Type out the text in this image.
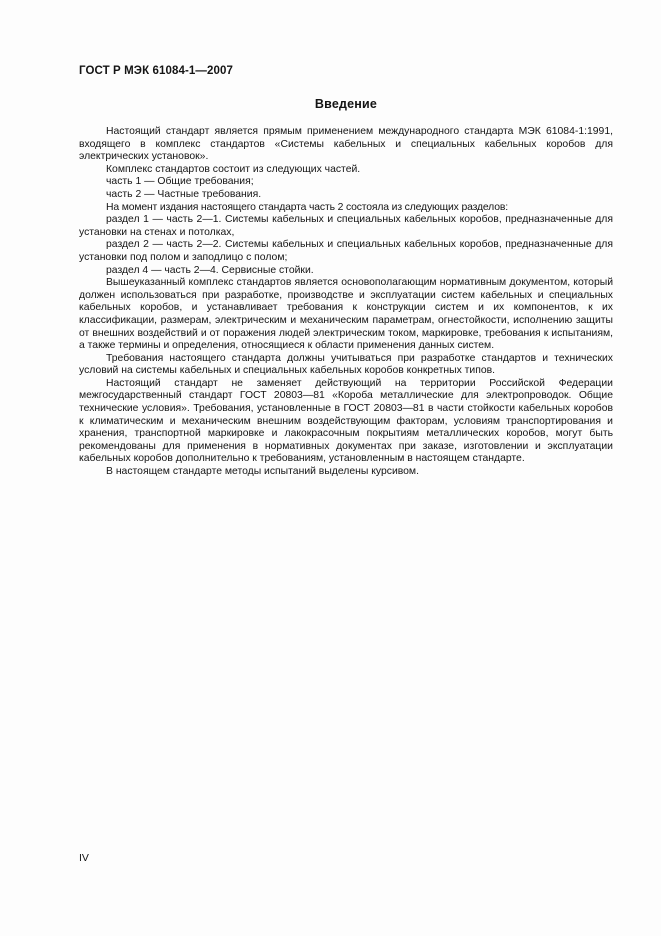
ГОСТ Р МЭК 61084-1—2007
Введение

Настоящий стандарт является прямым применением международного стандарта МЭК 61084-1:1991, входящего в комплекс стандартов «Системы кабельных и специальных кабельных коробов для электрических установок».

Комплекс стандартов состоит из следующих частей.

часть 1 — Общие требования;

часть 2 — Частные требования.

На момент издания настоящего стандарта часть 2 состояла из следующих разделов:

раздел 1 — часть 2—1. Системы кабельных и специальных кабельных коробов, предназначенные для установки на стенах и потолках,

раздел 2 — часть 2—2. Системы кабельных и специальных кабельных коробов, предназначенные для установки под полом и заподлицо с полом;

раздел 4 — часть 2—4. Сервисные стойки.

Вышеуказанный комплекс стандартов является основополагающим нормативным документом, который должен использоваться при разработке, производстве и эксплуатации систем кабельных и специальных кабельных коробов, и устанавливает требования к конструкции систем и их компонентов, к их классификации, размерам, электрическим и механическим параметрам, огнестойкости, исполнению защиты от внешних воздействий и от поражения людей электрическим током, маркировке, требования к испытаниям, а также термины и определения, относящиеся к области применения данных систем.

Требования настоящего стандарта должны учитываться при разработке стандартов и технических условий на системы кабельных и специальных кабельных коробов конкретных типов.

Настоящий стандарт не заменяет действующий на территории Российской Федерации межгосударственный стандарт ГОСТ 20803—81 «Короба металлические для электропроводок. Общие технические условия». Требования, установленные в ГОСТ 20803—81 в части стойкости кабельных коробов к климатическим и механическим внешним воздействующим факторам, условиям транспортирования и хранения, транспортной маркировке и лакокрасочным покрытиям металлических коробов, могут быть рекомендованы для применения в нормативных документах при заказе, изготовлении и эксплуатации кабельных коробов дополнительно к требованиям, установленным в настоящем стандарте.

В настоящем стандарте методы испытаний выделены курсивом.

IV
